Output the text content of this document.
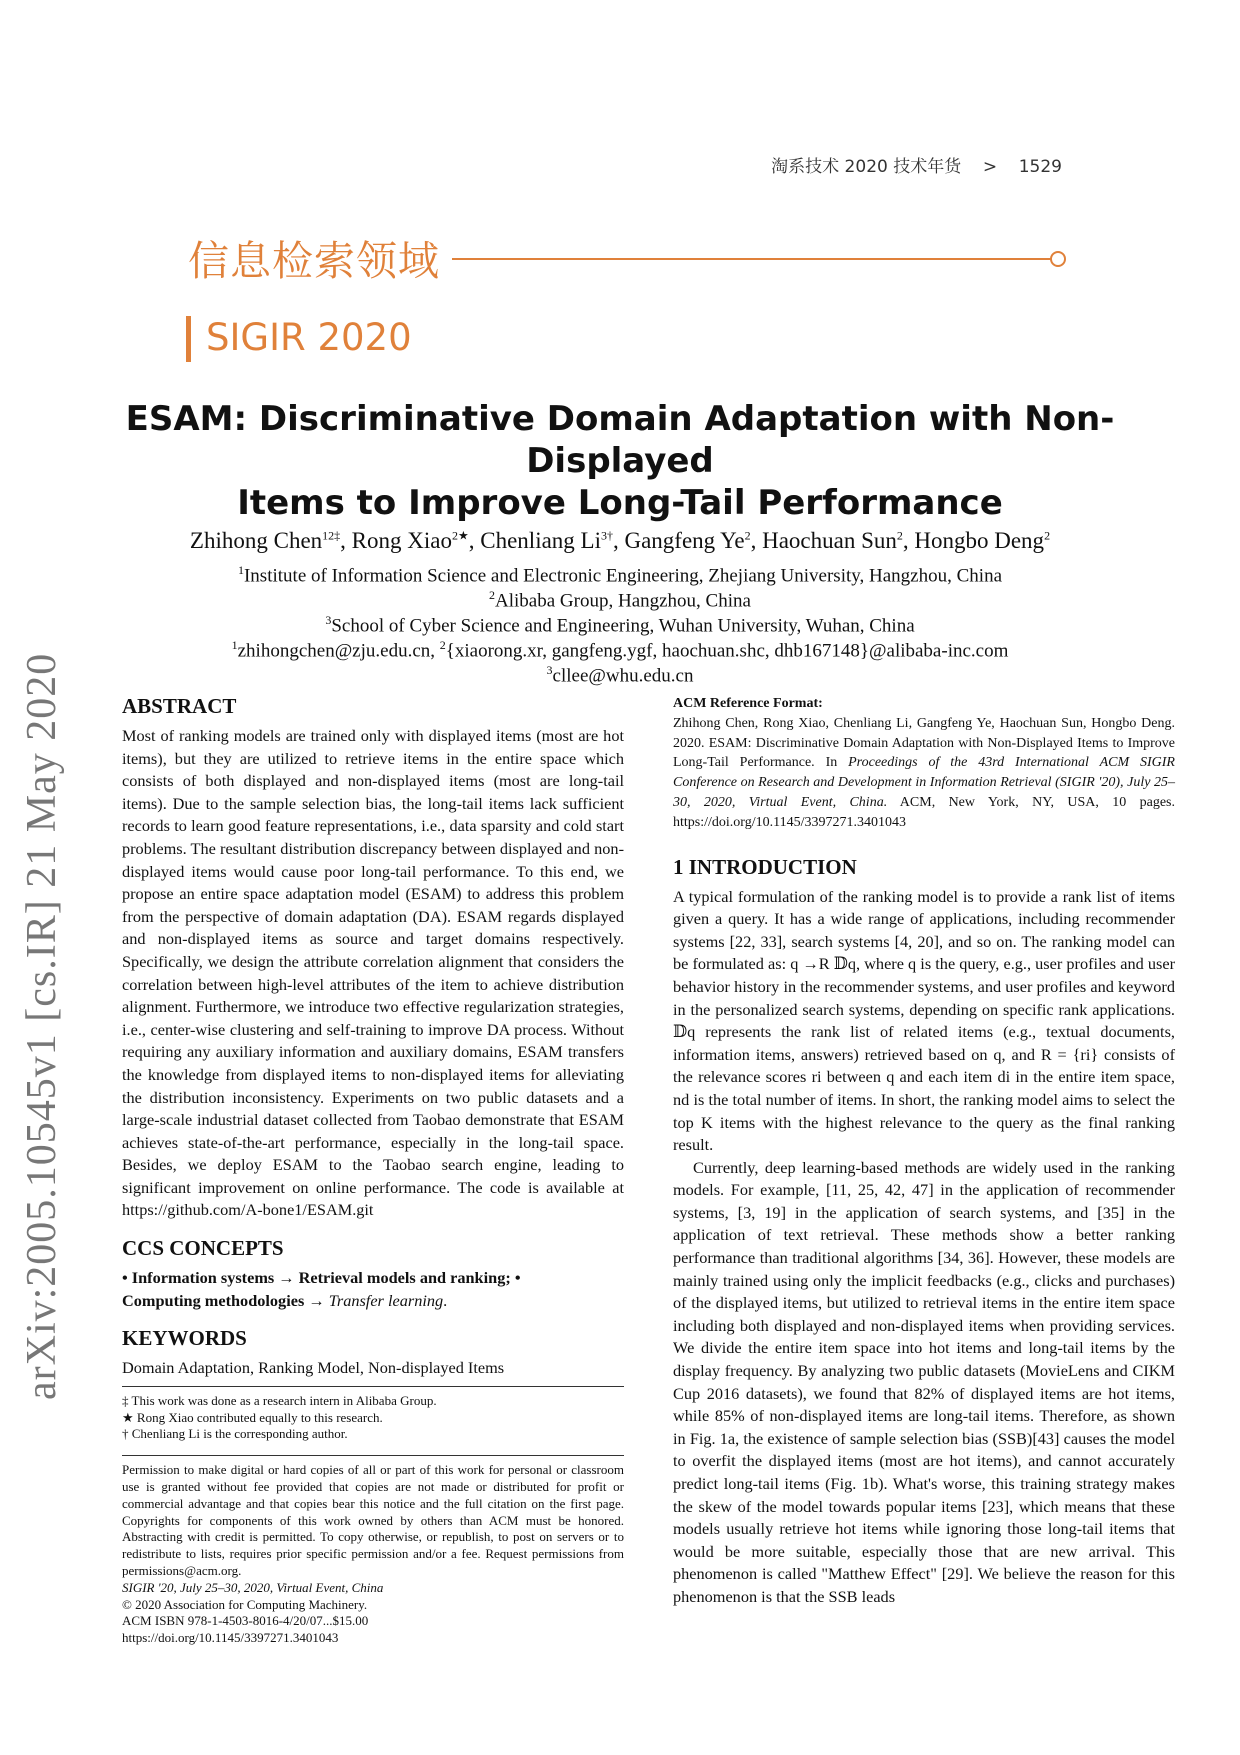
淘系技术 2020 技术年货 > 1529
信息检索领域
SIGIR 2020
ESAM: Discriminative Domain Adaptation with Non-Displayed
Items to Improve Long-Tail Performance
Zhihong Chen$^{12\ddagger}$, Rong Xiao$^{2★}$, Chenliang $Li^{3\dagger}$, Gangfeng Ye$^2$, Haochuan Sun$^2$, Hongbo Deng$^2$
$^1$Institute of Information Science and Electronic Engineering, Zhejiang University, Hangzhou, China
$^2$Alibaba Group, Hangzhou, China
$^3$School of Cyber Science and Engineering, Wuhan University, Wuhan, China
$^1$zhihongchen@zju.edu.cn, $^2${xiaorong.xr, gangfeng.ygf, haochuan.shc, dhb167148}@alibaba-inc.com
$^3$cllee@whu.edu.cn
arXiv:2005.10545v1 [cs.IR] 21 May 2020	ABSTRACT

Most of ranking models are trained only with displayed items (most are hot items), but they are utilized to retrieve items in the entire space which consists of both displayed and non-displayed items (most are long-tail items). Due to the sample selection bias, the long-tail items lack sufficient records to learn good feature representations, i.e., data sparsity and cold start problems. The resultant distribution discrepancy between displayed and non-displayed items would cause poor long-tail performance. To this end, we propose an entire space adaptation model (ESAM) to address this problem from the perspective of domain adaptation (DA). ESAM regards displayed and non-displayed items as source and target domains respectively. Specifically, we design the attribute correlation alignment that considers the correlation between high-level attributes of the item to achieve distribution alignment. Furthermore, we introduce two effective regularization strategies, i.e., center-wise clustering and self-training to improve DA process. Without requiring any auxiliary information and auxiliary domains, ESAM transfers the knowledge from displayed items to non-displayed items for alleviating the distribution inconsistency. Experiments on two public datasets and a large-scale industrial dataset collected from Taobao demonstrate that ESAM achieves state-of-the-art performance, especially in the long-tail space. Besides, we deploy ESAM to the Taobao search engine, leading to significant improvement on online performance. The code is available at https://github.com/A-bone1/ESAM.git

CCS CONCEPTS

• Information systems → Retrieval models and ranking; •
Computing methodologies → Transfer learning.

KEYWORDS

Domain Adaptation, Ranking Model, Non-displayed Items

‡ This work was done as a research intern in Alibaba Group.

★ Rong Xiao contributed equally to this research.

† Chenliang Li is the corresponding author.

Permission to make digital or hard copies of all or part of this work for personal or classroom use is granted without fee provided that copies are not made or distributed for profit or commercial advantage and that copies bear this notice and the full citation on the first page. Copyrights for components of this work owned by others than ACM must be honored. Abstracting with credit is permitted. To copy otherwise, or republish, to post on servers or to redistribute to lists, requires prior specific permission and/or a fee. Request permissions from permissions@acm.org.

SIGIR '20, July 25–30, 2020, Virtual Event, China

© 2020 Association for Computing Machinery.

ACM ISBN 978-1-4503-8016-4/20/07...$15.00

https://doi.org/10.1145/3397271.3401043

ACM Reference Format:

Zhihong Chen, Rong Xiao, Chenliang Li, Gangfeng Ye, Haochuan Sun, Hongbo Deng. 2020. ESAM: Discriminative Domain Adaptation with Non-Displayed Items to Improve Long-Tail Performance. In Proceedings of the 43rd International ACM SIGIR Conference on Research and Development in Information Retrieval (SIGIR '20), July 25–30, 2020, Virtual Event, China. ACM, New York, NY, USA, 10 pages. https://doi.org/10.1145/3397271.3401043

1 INTRODUCTION

A typical formulation of the ranking model is to provide a rank list of items given a query. It has a wide range of applications, including recommender systems [22, 33], search systems [4, 20], and so on. The ranking model can be formulated as: q →R 𝔻q, where q is the query, e.g., user profiles and user behavior history in the recommender systems, and user profiles and keyword in the personalized search systems, depending on specific rank applications. 𝔻q represents the rank list of related items (e.g., textual documents, information items, answers) retrieved based on q, and R = {ri} consists of the relevance scores ri between q and each item di in the entire item space, nd is the total number of items. In short, the ranking model aims to select the top K items with the highest relevance to the query as the final ranking result.

Currently, deep learning-based methods are widely used in the ranking models. For example, [11, 25, 42, 47] in the application of recommender systems, [3, 19] in the application of search systems, and [35] in the application of text retrieval. These methods show a better ranking performance than traditional algorithms [34, 36]. However, these models are mainly trained using only the implicit feedbacks (e.g., clicks and purchases) of the displayed items, but utilized to retrieval items in the entire item space including both displayed and non-displayed items when providing services. We divide the entire item space into hot items and long-tail items by the display frequency. By analyzing two public datasets (MovieLens and CIKM Cup 2016 datasets), we found that 82% of displayed items are hot items, while 85% of non-displayed items are long-tail items. Therefore, as shown in Fig. 1a, the existence of sample selection bias (SSB)[43] causes the model to overfit the displayed items (most are hot items), and cannot accurately predict long-tail items (Fig. 1b). What's worse, this training strategy makes the skew of the model towards popular items [23], which means that these models usually retrieve hot items while ignoring those long-tail items that would be more suitable, especially those that are new arrival. This phenomenon is called "Matthew Effect" [29]. We believe the reason for this phenomenon is that the SSB leads
